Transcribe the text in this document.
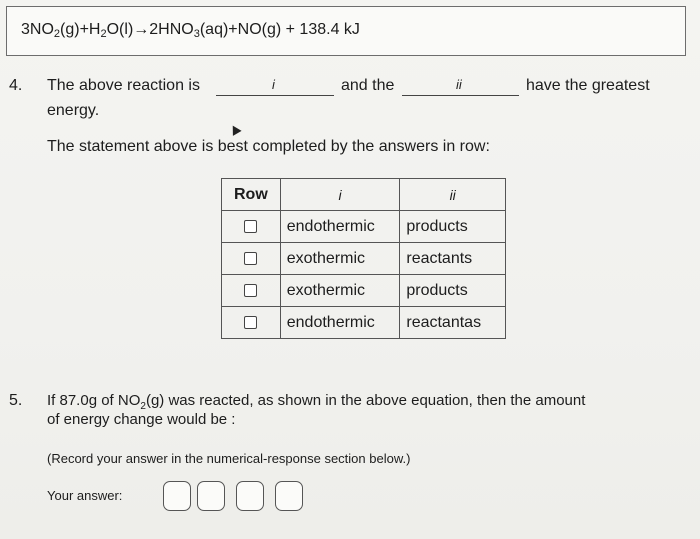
$3NO_2(g)+H_2O(l)\to 2HNO_3(aq)+NO(g) + 138.4$ kJ
4. The above reaction is	i	and the	ii	have the greatest
energy.
The statement above is best completed by the answers in row:
Row	i	ii
	endothermic	products
	exothermic	reactants
	exothermic	products
	endothermic	reactantas
5. If 87.0g of $NO_2(g)$ was reacted, as shown in the above equation, then the amount
of energy change would be :
(Record your answer in the numerical-response section below.)
Your answer:
